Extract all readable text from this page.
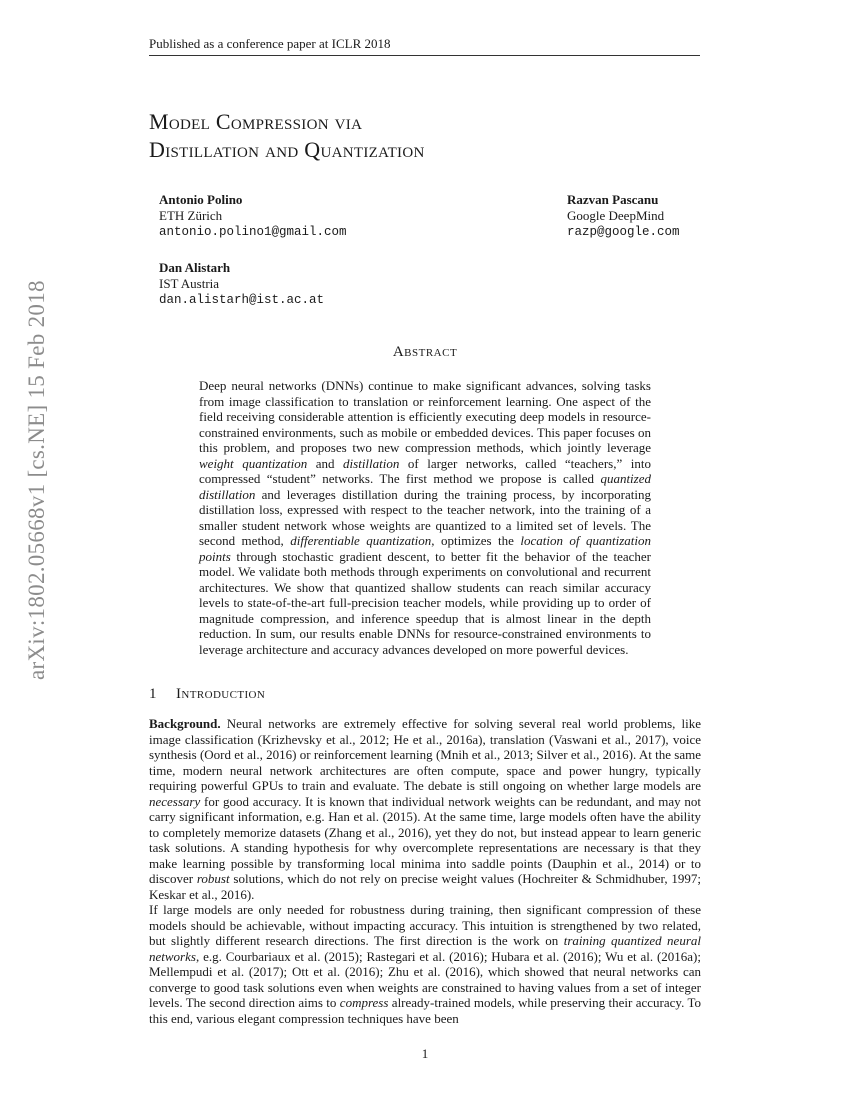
Published as a conference paper at ICLR 2018
Model Compression via
Distillation and Quantization
Antonio Polino
ETH Zürich
antonio.polino1@gmail.com
Razvan Pascanu
Google DeepMind
razp@google.com
Dan Alistarh
IST Austria
dan.alistarh@ist.ac.at
Abstract
Deep neural networks (DNNs) continue to make significant advances, solving tasks from image classification to translation or reinforcement learning. One aspect of the field receiving considerable attention is efficiently executing deep models in resource-constrained environments, such as mobile or embedded devices. This paper focuses on this problem, and proposes two new compression methods, which jointly leverage weight quantization and distillation of larger networks, called “teachers,” into compressed “student” networks. The first method we propose is called quantized distillation and leverages distillation during the training process, by incorporating distillation loss, expressed with respect to the teacher network, into the training of a smaller student network whose weights are quantized to a limited set of levels. The second method, differentiable quantization, optimizes the location of quantization points through stochastic gradient descent, to better fit the behavior of the teacher model. We validate both methods through experiments on convolutional and recurrent architectures. We show that quantized shallow students can reach similar accuracy levels to state-of-the-art full-precision teacher models, while providing up to order of magnitude compression, and inference speedup that is almost linear in the depth reduction. In sum, our results enable DNNs for resource-constrained environments to leverage architecture and accuracy advances developed on more powerful devices.
1 Introduction
Background. Neural networks are extremely effective for solving several real world problems, like image classification (Krizhevsky et al., 2012; He et al., 2016a), translation (Vaswani et al., 2017), voice synthesis (Oord et al., 2016) or reinforcement learning (Mnih et al., 2013; Silver et al., 2016). At the same time, modern neural network architectures are often compute, space and power hungry, typically requiring powerful GPUs to train and evaluate. The debate is still ongoing on whether large models are necessary for good accuracy. It is known that individual network weights can be redundant, and may not carry significant information, e.g. Han et al. (2015). At the same time, large models often have the ability to completely memorize datasets (Zhang et al., 2016), yet they do not, but instead appear to learn generic task solutions. A standing hypothesis for why overcomplete representations are necessary is that they make learning possible by transforming local minima into saddle points (Dauphin et al., 2014) or to discover robust solutions, which do not rely on precise weight values (Hochreiter & Schmidhuber, 1997; Keskar et al., 2016).
If large models are only needed for robustness during training, then significant compression of these models should be achievable, without impacting accuracy. This intuition is strengthened by two related, but slightly different research directions. The first direction is the work on training quantized neural networks, e.g. Courbariaux et al. (2015); Rastegari et al. (2016); Hubara et al. (2016); Wu et al. (2016a); Mellempudi et al. (2017); Ott et al. (2016); Zhu et al. (2016), which showed that neural networks can converge to good task solutions even when weights are constrained to having values from a set of integer levels. The second direction aims to compress already-trained models, while preserving their accuracy. To this end, various elegant compression techniques have been
1
arXiv:1802.05668v1 [cs.NE] 15 Feb 2018
